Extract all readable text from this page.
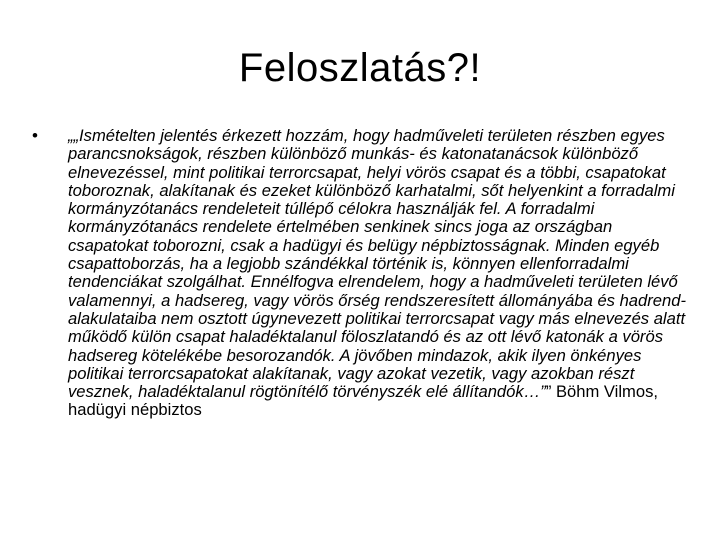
Feloszlatás?!
• „„Ismételten jelentés érkezett hozzám, hogy hadműveleti területen részben egyes parancsnokságok, részben különböző munkás- és katonatanácsok különböző elnevezéssel, mint politikai terrorcsapat, helyi vörös csapat és a többi, csapatokat toboroznak, alakítanak és ezeket különböző karhatalmi, sőt helyenkint a forradalmi kormányzótanács rendeleteit túllépő célokra használják fel. A forradalmi kormányzótanács rendelete értelmében senkinek sincs joga az országban csapatokat toborozni, csak a hadügyi és belügy népbiztosságnak. Minden egyéb csapattoborzás, ha a legjobb szándékkal történik is, könnyen ellenforradalmi tendenciákat szolgálhat. Ennélfogva elrendelem, hogy a hadműveleti területen lévő valamennyi, a hadsereg, vagy vörös őrség rendszeresített állományába és hadrend- alakulataiba nem osztott úgynevezett politikai terrorcsapat vagy más elnevezés alatt működő külön csapat haladéktalanul föloszlatandó és az ott lévő katonák a vörös hadsereg kötelékébe besorozandók. A jövőben mindazok, akik ilyen önkényes politikai terrorcsapatokat alakítanak, vagy azokat vezetik, vagy azokban részt vesznek, haladéktalanul rögtönítélő törvényszék elé állítandók…”” Böhm Vilmos, hadügyi népbiztos
